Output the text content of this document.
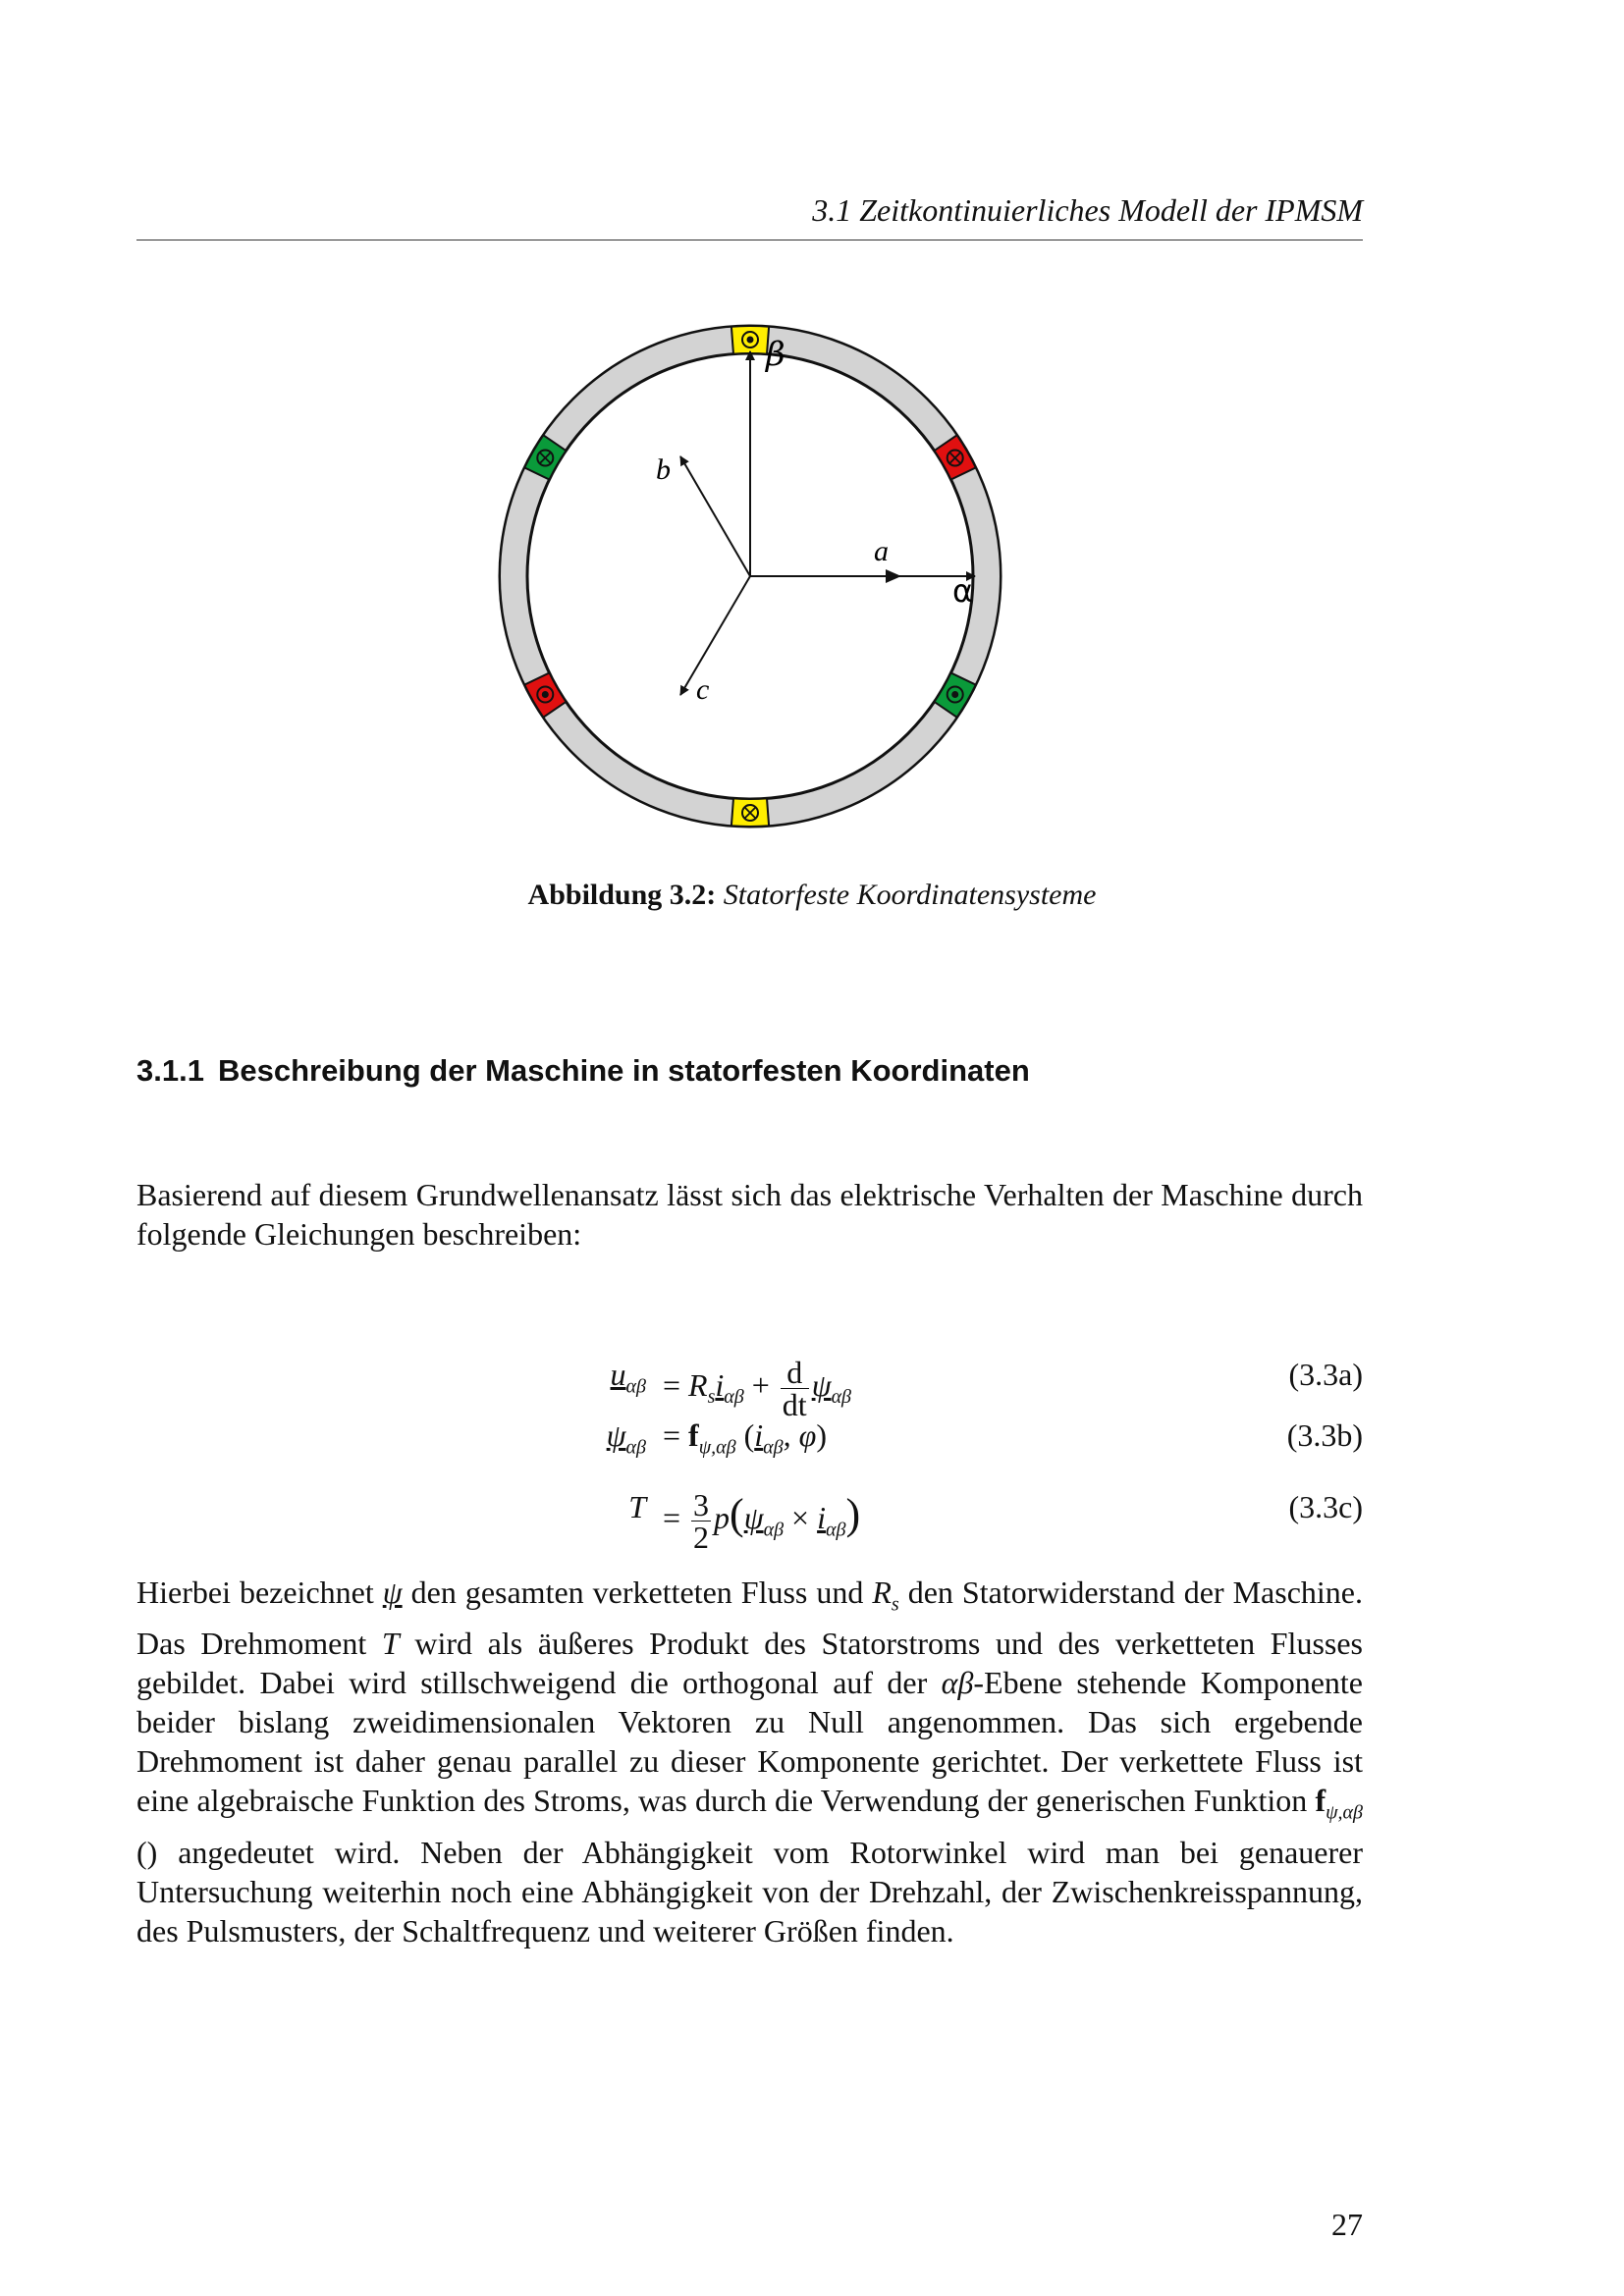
3.1 Zeitkontinuierliches Modell der IPMSM
β
α
a
b
c
Abbildung 3.2: Statorfeste Koordinatensysteme
3.1.1 Beschreibung der Maschine in statorfesten Koordinaten
Basierend auf diesem Grundwellenansatz lässt sich das elektrische Verhalten der Maschine durch folgende Gleichungen beschreiben:
$u_{\alpha\beta} = R_si_{\alpha\beta} + \frac{d}{dt} \psi_{\alpha\beta}$
(3.3a)
$\psi_{\alpha\beta} = f_{\psi,\alpha\beta}$ ($i_{\alpha\beta}$, φ)	(3.3b)
$T = \frac{3}{2} p(\psi_{\alpha\beta} \times i_{\alpha\beta})$	(3.3c)
Hierbei bezeichnet ψ den gesamten verketteten Fluss und $R_s$ den Statorwiderstand der Maschine. Das Drehmoment T wird als äußeres Produkt des Statorstroms und des verketteten Flusses gebildet. Dabei wird stillschweigend die orthogonal auf der αβ-Ebene stehende Komponente beider bislang zweidimensionalen Vektoren zu Null angenommen. Das sich ergebende Drehmoment ist daher genau parallel zu dieser Komponente gerichtet. Der verkettete Fluss ist eine algebraische Funktion des Stroms, was durch die Verwendung der generischen Funktion $f_{\psi,\alpha\beta}$ () angedeutet wird. Neben der Abhängigkeit vom Rotorwinkel wird man bei genauerer Untersuchung weiterhin noch eine Abhängigkeit von der Drehzahl, der Zwischenkreisspannung, des Pulsmusters, der Schaltfrequenz und weiterer Größen finden.
27
